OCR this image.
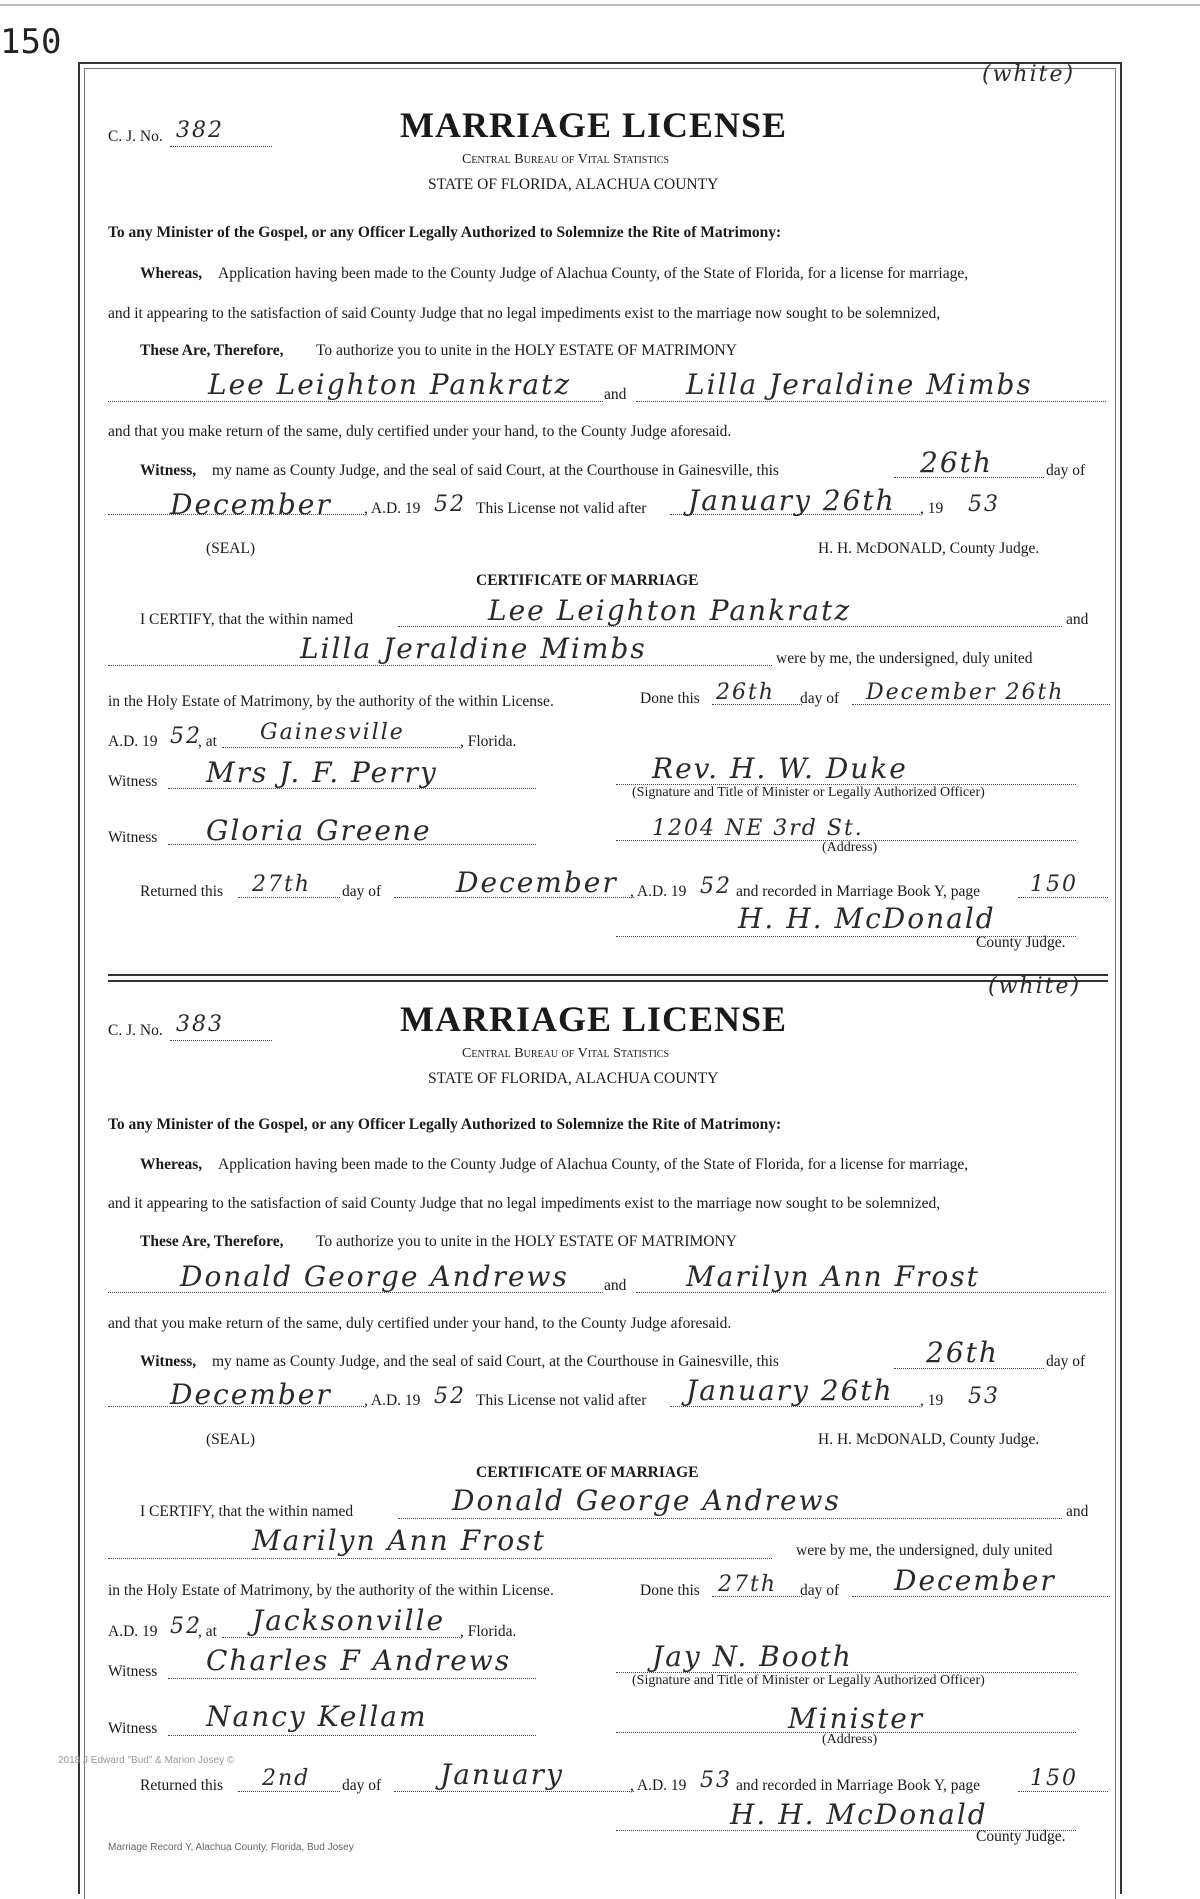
150
(white)
C. J. No. 382	MARRIAGE LICENSE
Central Bureau of Vital Statistics
STATE OF FLORIDA, ALACHUA COUNTY
To any Minister of the Gospel, or any Officer Legally Authorized to Solemnize the Rite of Matrimony:
Whereas, Application having been made to the County Judge of Alachua County, of the State of Florida, for a license for marriage,
and it appearing to the satisfaction of said County Judge that no legal impediments exist to the marriage now sought to be solemnized,
These Are, Therefore, To authorize you to unite in the HOLY ESTATE OF MATRIMONY
Lee Leighton Pankratz and Lilla Jeraldine Mimbs
and that you make return of the same, duly certified under your hand, to the County Judge aforesaid.
Witness, my name as County Judge, and the seal of said Court, at the Courthouse in Gainesville, this	26th	day of
December , A.D. 19 52 This License not valid after January 26th , 19 53
(SEAL)	H. H. McDONALD, County Judge.
CERTIFICATE OF MARRIAGE
I CERTIFY, that the within named	Lee Leighton Pankratz	and
Lilla Jeraldine Mimbs	were by me, the undersigned, duly united
in the Holy Estate of Matrimony, by the authority of the within License.	Done this 26th day of December 26th
A.D. 19 52
, at Gainesville	, Florida.
Witness Mrs J. F. Perry	Rev. H. W. Duke
(Signature and Title of Minister or Legally Authorized Officer)
Witness Gloria Greene	1204 NE 3rd St.
(Address)
Returned this 27th day of	December , A.D. 19 52 and recorded in Marriage Book Y, page 150
H. H. McDonald
County Judge.
(white)
C. J. No. 383	MARRIAGE LICENSE
Central Bureau of Vital Statistics
STATE OF FLORIDA, ALACHUA COUNTY
To any Minister of the Gospel, or any Officer Legally Authorized to Solemnize the Rite of Matrimony:
Whereas, Application having been made to the County Judge of Alachua County, of the State of Florida, for a license for marriage,
and it appearing to the satisfaction of said County Judge that no legal impediments exist to the marriage now sought to be solemnized,
These Are, Therefore, To authorize you to unite in the HOLY ESTATE OF MATRIMONY
Donald George Andrews and Marilyn Ann Frost
and that you make return of the same, duly certified under your hand, to the County Judge aforesaid.
Witness, my name as County Judge, and the seal of said Court, at the Courthouse in Gainesville, this	26th	day of
December , A.D. 19 52 This License not valid after January 26th , 19 53
(SEAL)	H. H. McDONALD, County Judge.
CERTIFICATE OF MARRIAGE
I CERTIFY, that the within named	Donald George Andrews	and
Marilyn Ann Frost	were by me, the undersigned, duly united
in the Holy Estate of Matrimony, by the authority of the within License.	Done this 27th day of December
A.D. 19 52
, at Jacksonville , Florida.
Witness Charles F Andrews	Jay N. Booth
(Signature and Title of Minister or Legally Authorized Officer)
Witness Nancy Kellam	Minister
(Address)
Returned this 2nd day of January	, A.D. 19 53 and recorded in Marriage Book Y, page 150
H. H. McDonald
County Judge.
2018 J Edward "Bud" & Marion Josey ©
Marriage Record Y, Alachua County, Florida, Bud Josey
